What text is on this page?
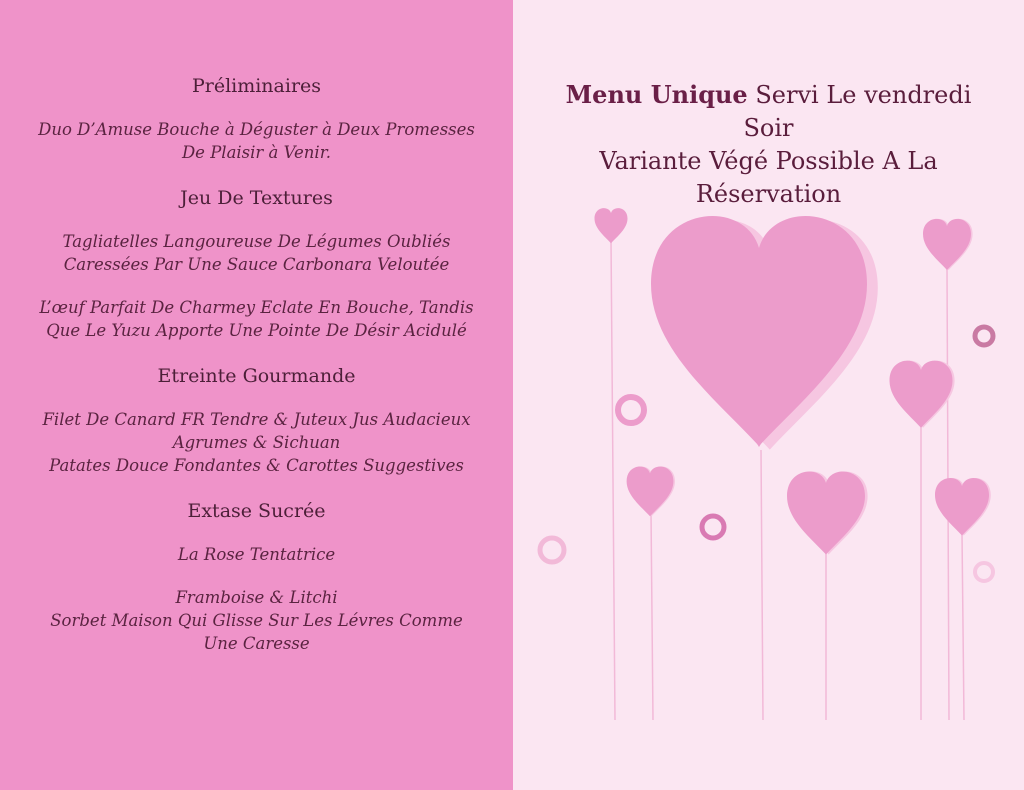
Préliminaires
Duo D’Amuse Bouche à Déguster à Deux Promesses
De Plaisir à Venir.
Jeu De Textures
Tagliatelles Langoureuse De Légumes Oubliés
Caressées Par Une Sauce Carbonara Veloutée
L’œuf Parfait De Charmey Eclate En Bouche, Tandis
Que Le Yuzu Apporte Une Pointe De Désir Acidulé
Etreinte Gourmande
Filet De Canard FR Tendre & Juteux Jus Audacieux
Agrumes & Sichuan
Patates Douce Fondantes & Carottes Suggestives
Extase Sucrée
La Rose Tentatrice
Framboise & Litchi
Sorbet Maison Qui Glisse Sur Les Lévres Comme
Une Caresse
Menu Unique Servi Le vendredi
Soir
Variante Végé Possible A La
Réservation
